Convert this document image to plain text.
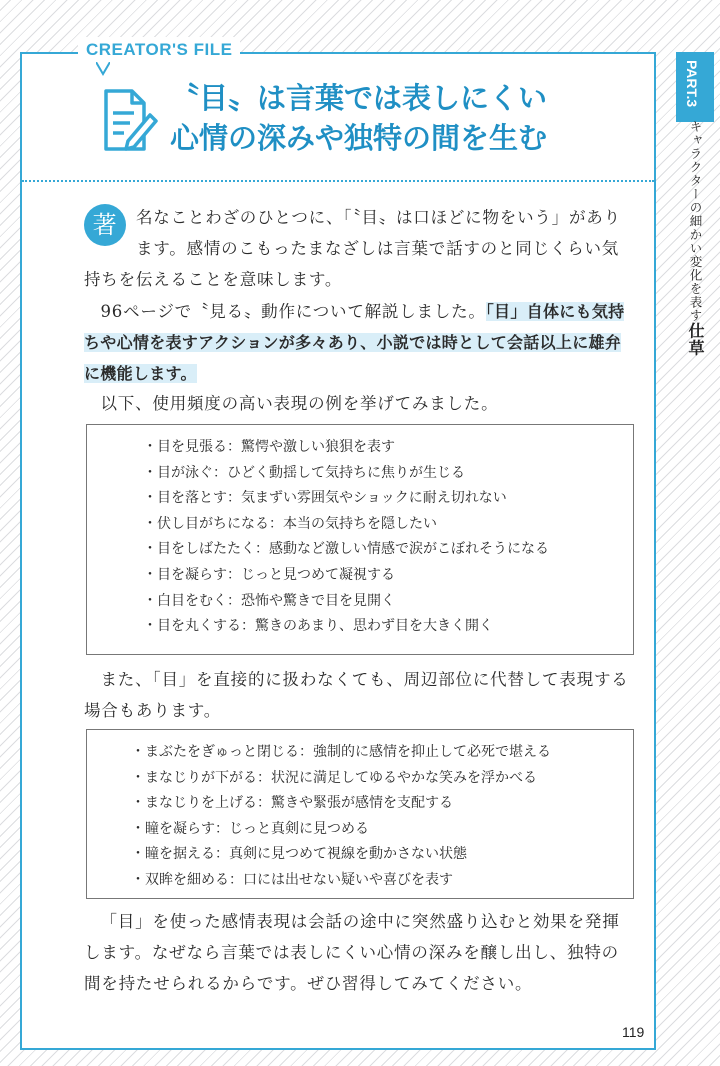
CREATOR'S FILE
〝目〟は言葉では表しにくい
心情の深みや独特の間を生む
著	名なことわざのひとつに、「〝目〟は口ほどに物をいう」があります。感情のこもったまなざしは言葉で話すのと同じくらい気持ちを伝えることを意味します。
96ページで〝見る〟動作について解説しました。「目」自体にも気持ちや心情を表すアクションが多々あり、小説では時として会話以上に雄弁に機能します。
以下、使用頻度の高い表現の例を挙げてみました。
・ 目を見張る：驚愕や激しい狼狽を表す
・ 目が泳ぐ：ひどく動揺して気持ちに焦りが生じる
・ 目を落とす：気まずい雰囲気やショックに耐え切れない
・ 伏し目がちになる：本当の気持ちを隠したい
・ 目をしばたたく：感動など激しい情感で涙がこぼれそうになる
・ 目を凝らす：じっと見つめて凝視する
・ 白目をむく：恐怖や驚きで目を見開く
・ 目を丸くする：驚きのあまり、思わず目を大きく開く
また、「目」を直接的に扱わなくても、周辺部位に代替して表現する場合もあります。
・ まぶたをぎゅっと閉じる：強制的に感情を抑止して必死で堪える
・ まなじりが下がる：状況に満足してゆるやかな笑みを浮かべる
・ まなじりを上げる：驚きや緊張が感情を支配する
・ 瞳を凝らす：じっと真剣に見つめる
・ 瞳を据える：真剣に見つめて視線を動かさない状態
・ 双眸を細める：口には出せない疑いや喜びを表す
「目」を使った感情表現は会話の途中に突然盛り込むと効果を発揮します。なぜなら言葉では表しにくい心情の深みを醸し出し、独特の間を持たせられるからです。ぜひ習得してみてください。
PART.3
キャラクターの細かい変化を表す仕草
119
